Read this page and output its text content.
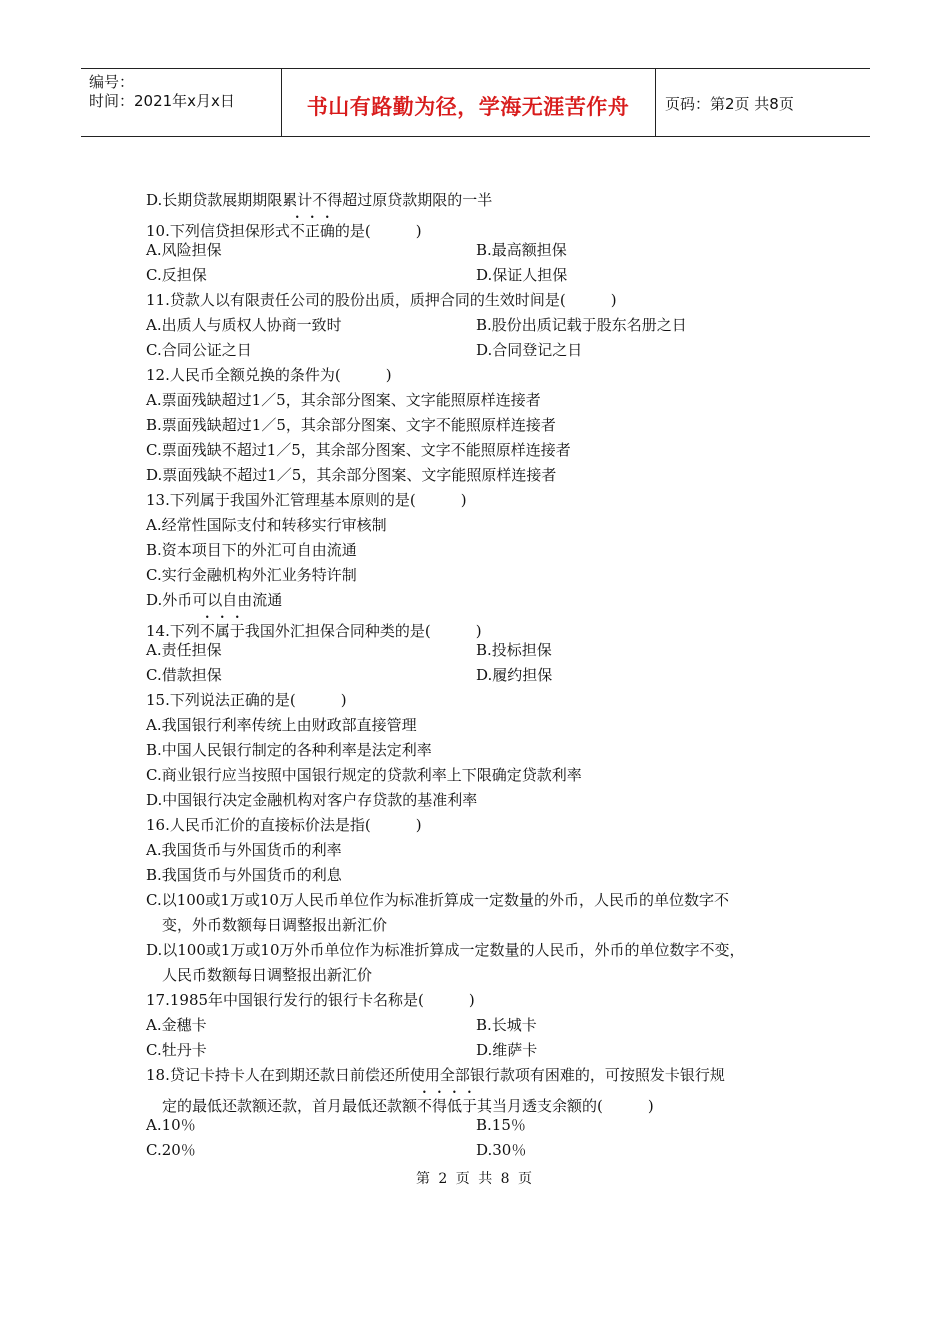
编号：
时间：2021年x月x日	书山有路勤为径，学海无涯苦作舟	页码：第2页 共8页
D.长期贷款展期期限累计不得超过原贷款期限的一半
10.下列信贷担保形式不正确的是(　　　)
A.风险担保	B.最高额担保
C.反担保	D.保证人担保
11.贷款人以有限责任公司的股份出质，质押合同的生效时间是(　　　)
A.出质人与质权人协商一致时	B.股份出质记载于股东名册之日
C.合同公证之日	D.合同登记之日
12.人民币全额兑换的条件为(　　　)
A.票面残缺超过1／5，其余部分图案、文字能照原样连接者
B.票面残缺超过1／5，其余部分图案、文字不能照原样连接者
C.票面残缺不超过1／5，其余部分图案、文字不能照原样连接者
D.票面残缺不超过1／5，其余部分图案、文字能照原样连接者
13.下列属于我国外汇管理基本原则的是(　　　)
A.经常性国际支付和转移实行审核制
B.资本项目下的外汇可自由流通
C.实行金融机构外汇业务特许制
D.外币可以自由流通
14.下列不属于我国外汇担保合同种类的是(　　　)
A.责任担保	B.投标担保
C.借款担保	D.履约担保
15.下列说法正确的是(　　　)
A.我国银行利率传统上由财政部直接管理
B.中国人民银行制定的各种利率是法定利率
C.商业银行应当按照中国银行规定的贷款利率上下限确定贷款利率
D.中国银行决定金融机构对客户存贷款的基准利率
16.人民币汇价的直接标价法是指(　　　)
A.我国货币与外国货币的利率
B.我国货币与外国货币的利息
C.以100或1万或10万人民币单位作为标准折算成一定数量的外币，人民币的单位数字不
变，外币数额每日调整报出新汇价
D.以100或1万或10万外币单位作为标准折算成一定数量的人民币，外币的单位数字不变，
人民币数额每日调整报出新汇价
17.1985年中国银行发行的银行卡名称是(　　　)
A.金穗卡	B.长城卡
C.牡丹卡	D.维萨卡
18.贷记卡持卡人在到期还款日前偿还所使用全部银行款项有困难的，可按照发卡银行规
定的最低还款额还款，首月最低还款额不得低于其当月透支余额的(　　　)
A.10％	B.15％
C.20％	D.30％
第 2 页 共 8 页
